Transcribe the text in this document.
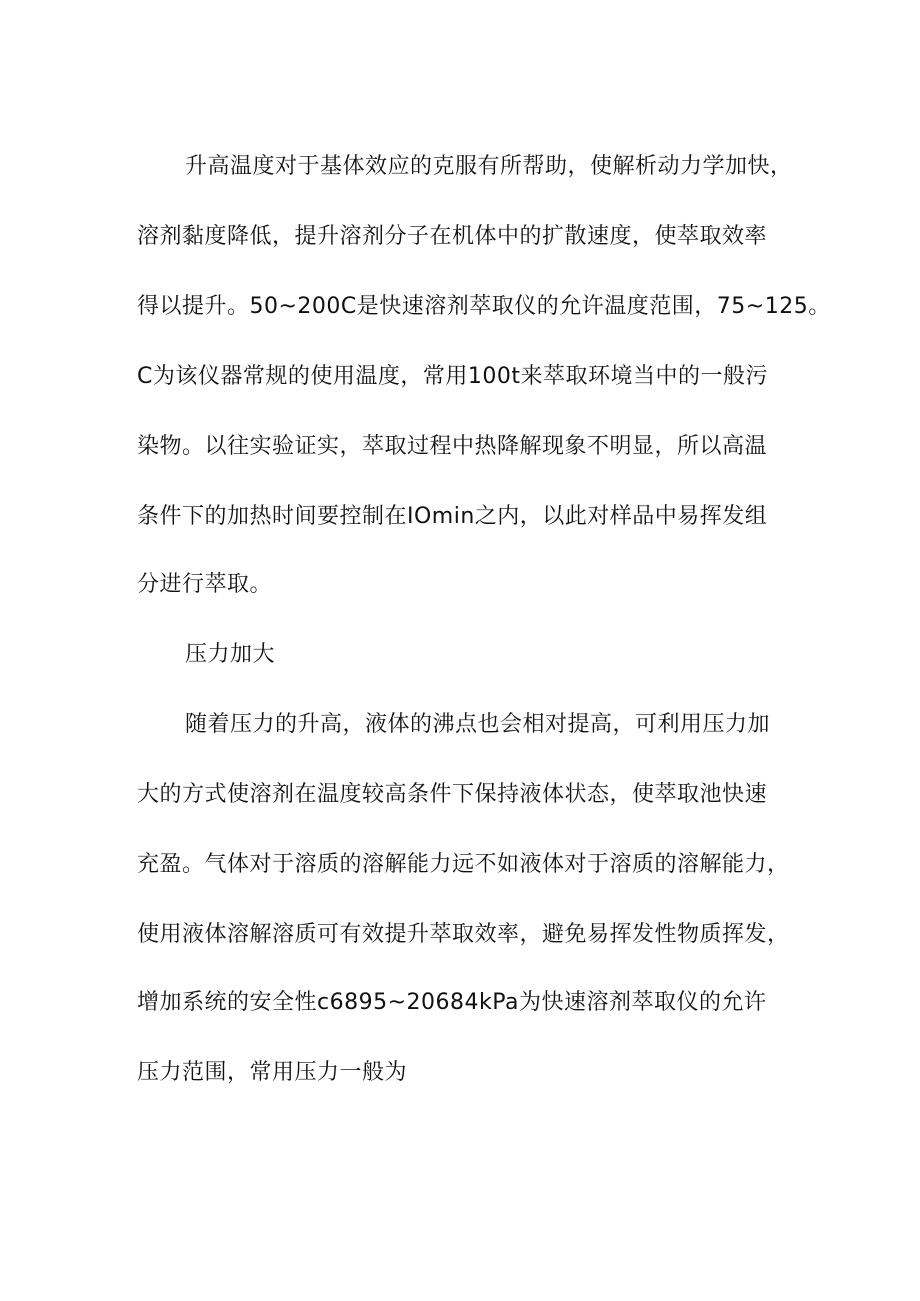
升高温度对于基体效应的克服有所帮助，使解析动力学加快，
溶剂黏度降低，提升溶剂分子在机体中的扩散速度，使萃取效率
得以提升。50~200C是快速溶剂萃取仪的允许温度范围，75~125。
C为该仪器常规的使用温度，常用100t来萃取环境当中的一般污
染物。以往实验证实，萃取过程中热降解现象不明显，所以高温
条件下的加热时间要控制在IOmin之内，以此对样品中易挥发组
分进行萃取。
压力加大
随着压力的升高，液体的沸点也会相对提高，可利用压力加
大的方式使溶剂在温度较高条件下保持液体状态，使萃取池快速
充盈。气体对于溶质的溶解能力远不如液体对于溶质的溶解能力，
使用液体溶解溶质可有效提升萃取效率，避免易挥发性物质挥发，
增加系统的安全性c6895~20684kPa为快速溶剂萃取仪的允许
压力范围，常用压力一般为
